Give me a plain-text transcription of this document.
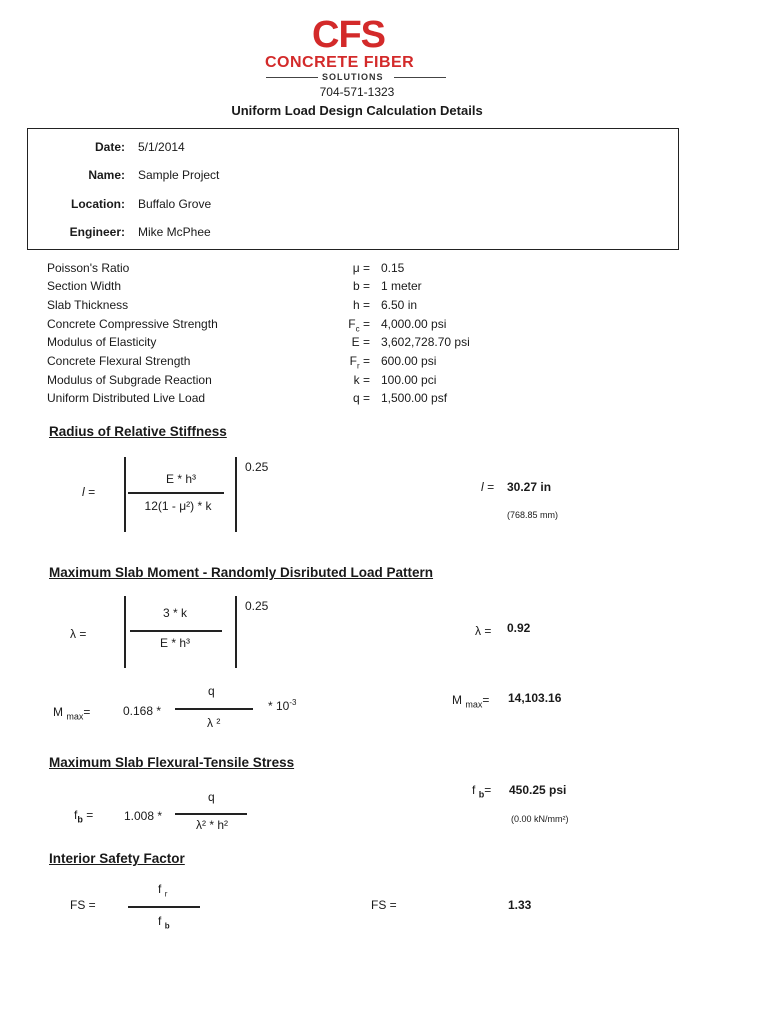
CFS
CONCRETE FIBER
SOLUTIONS
704-571-1323
Uniform Load Design Calculation Details
Date: 5/1/2014
Name: Sample Project
Location: Buffalo Grove
Engineer: Mike McPhee
Poisson's Ratio	μ = 0.15
Section Width	b = 1 meter
Slab Thickness	h = 6.50 in
Concrete Compressive Strength	$F_c = 4,000.00$ psi
Modulus of Elasticity	E = 3,602,728.70 psi
Concrete Flexural Strength	$F_r = 600.00$ psi
Modulus of Subgrade Reaction	k = 100.00 pci
Uniform Distributed Live Load	q = 1,500.00 psf
Radius of Relative Stiffness
l =
E * h³
12(1 - μ²) * k
0.25
l = 30.27 in
(768.85 mm)
Maximum Slab Moment - Randomly Disributed Load Pattern
λ =
3 * k
E * h³
0.25
λ = 0.92
M $_{max}$=	0.168 *
q
λ ²
* $10^{-3}$	M $_{max}$= 14,103.16
Maximum Slab Flexural-Tensile Stress
$f_b$ =	1.008 *
q
λ² * h²
f $_b$= 450.25 psi
(0.00 kN/mm²)
Interior Safety Factor
FS =
f $_r$
f $_b$
FS =	1.33
